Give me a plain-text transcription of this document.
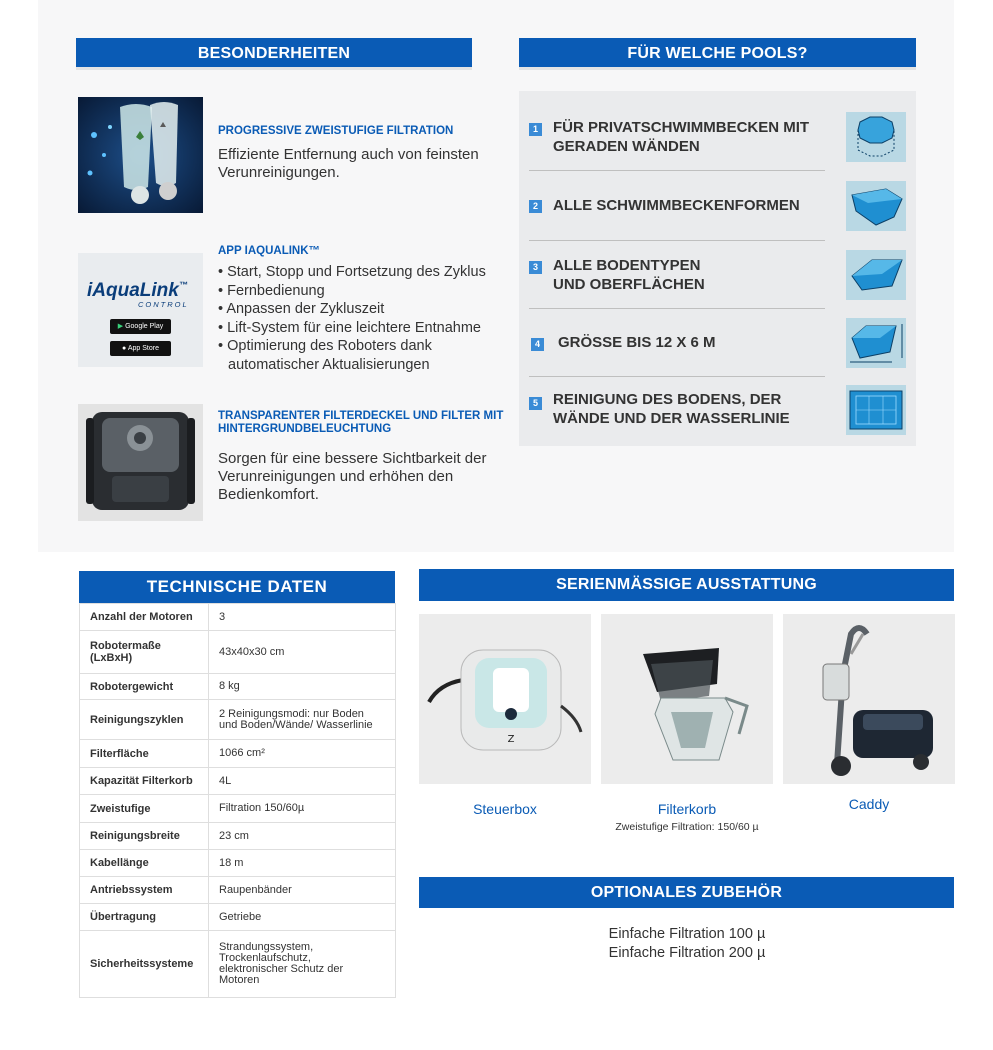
BESONDERHEITEN
PROGRESSIVE ZWEISTUFIGE FILTRATION
Effiziente Entfernung auch von feinsten Verunreinigungen.
iAquaLink™
CONTROL
▶ Google Play
● App Store
APP IAQUALINK™
• Start, Stopp und Fortsetzung des Zyklus
• Fernbedienung
• Anpassen der Zykluszeit
• Lift-System für eine leichtere Entnahme
• Optimierung des Roboters dank automatischer Aktualisierungen
TRANSPARENTER FILTERDECKEL UND FILTER MIT HINTERGRUNDBELEUCHTUNG
Sorgen für eine bessere Sichtbarkeit der Verunreinigungen und erhöhen den Bedienkomfort.
FÜR WELCHE POOLS?
1 FÜR PRIVATSCHWIMMBECKEN MIT GERADEN WÄNDEN
2 ALLE SCHWIMMBECKENFORMEN
3 ALLE BODENTYPEN UND OBERFLÄCHEN
4 GRÖSSE BIS 12 X 6 M
5 REINIGUNG DES BODENS, DER WÄNDE UND DER WASSERLINIE
TECHNISCHE DATEN
Anzahl der Motoren	3
Robotermaße (LxBxH)	43x40x30 cm
Robotergewicht	8 kg
Reinigungszyklen	2 Reinigungsmodi: nur Boden und Boden/Wände/ Wasserlinie
Filterfläche	1066 cm²
Kapazität Filterkorb	4L
Zweistufige	Filtration 150/60µ
Reinigungsbreite	23 cm
Kabellänge	18 m
Antriebssystem	Raupenbänder
Übertragung	Getriebe
Sicherheitssysteme	Strandungssystem, Trockenlaufschutz, elektronischer Schutz der Motoren
SERIENMÄSSIGE AUSSTATTUNG
Z
Steuerbox	Filterkorb
Zweistufige Filtration: 150/60 µ
Caddy
OPTIONALES ZUBEHÖR
Einfache Filtration 100 µ
Einfache Filtration 200 µ
